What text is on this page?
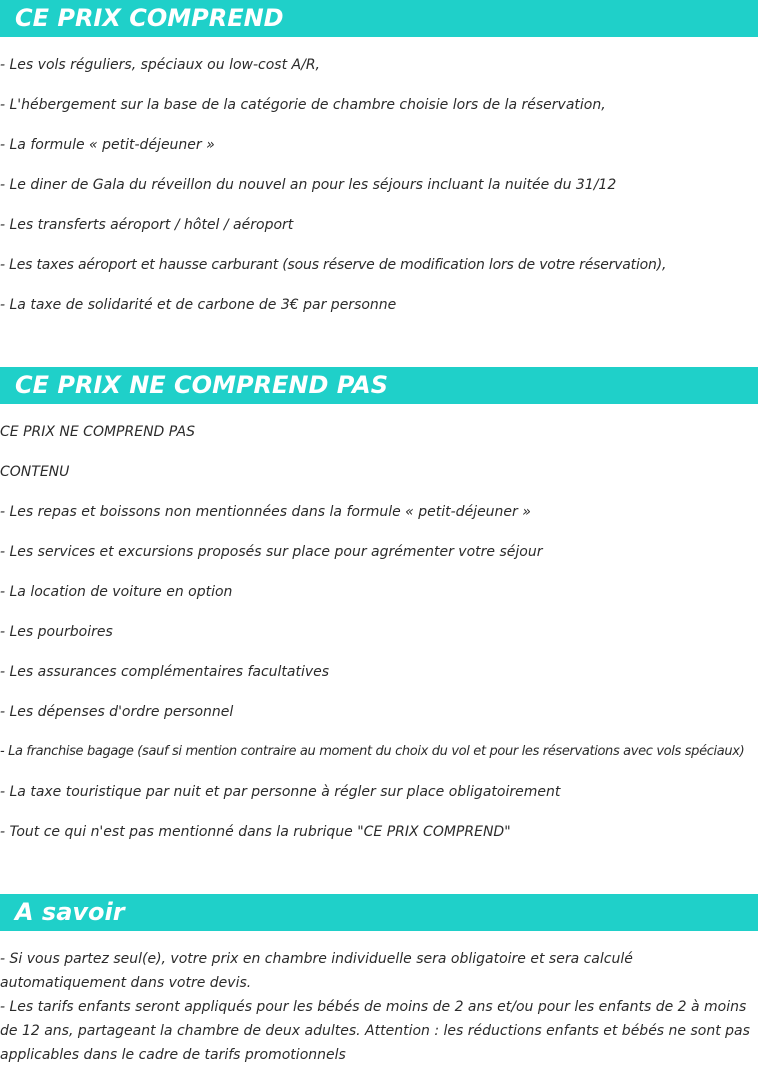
CE PRIX COMPREND
- Les vols réguliers, spéciaux ou low-cost A/R,
- L'hébergement sur la base de la catégorie de chambre choisie lors de la réservation,
- La formule « petit-déjeuner »
- Le diner de Gala du réveillon du nouvel an pour les séjours incluant la nuitée du 31/12
- Les transferts aéroport / hôtel / aéroport
- Les taxes aéroport et hausse carburant (sous réserve de modification lors de votre réservation),
- La taxe de solidarité et de carbone de 3€ par personne
CE PRIX NE COMPREND PAS
CE PRIX NE COMPREND PAS
CONTENU
- Les repas et boissons non mentionnées dans la formule « petit-déjeuner »
- Les services et excursions proposés sur place pour agrémenter votre séjour
- La location de voiture en option
- Les pourboires
- Les assurances complémentaires facultatives
- Les dépenses d'ordre personnel
- La franchise bagage (sauf si mention contraire au moment du choix du vol et pour les réservations avec vols spéciaux)
- La taxe touristique par nuit et par personne à régler sur place obligatoirement
- Tout ce qui n'est pas mentionné dans la rubrique "CE PRIX COMPREND"
A savoir
- Si vous partez seul(e), votre prix en chambre individuelle sera obligatoire et sera calculé automatiquement dans votre devis.
- Les tarifs enfants seront appliqués pour les bébés de moins de 2 ans et/ou pour les enfants de 2 à moins de 12 ans, partageant la chambre de deux adultes. Attention : les réductions enfants et bébés ne sont pas applicables dans le cadre de tarifs promotionnels
